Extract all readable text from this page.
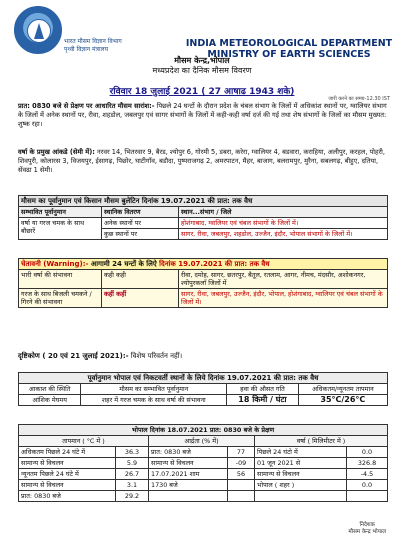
भारत मौसम विज्ञान विभाग
पृथ्वी विज्ञान मंत्रालय
INDIA METEOROLOGICAL DEPARTMENT
MINISTRY OF EARTH SCIENCES
मौसम केन्द्र,भोपाल
मध्यप्रदेश का दैनिक मौसम विवरण
रविवार 18 जुलाई 2021 ( 27 आषाढ 1943 शके)
जारी करने का समय-12.30 IST
प्रात: 0830 बजे से प्रेक्षण पर आधारित मौसम सारांश:- पिछले 24 घन्टों के दौरान प्रदेश के चंबल संभाग के जिलों में अधिकांश स्थानों पर, ग्वालियर संभाग के जिलों में अनेक स्थानों पर, रीवा, शहडोल, जबलपुर एवं सागर संभागों के जिलों में कही-कही वर्षा दर्ज की गई तथा शेष संभागों के जिलों का मौसम मुख्यत: शुष्क रहा।
वर्षा के प्रमुख आंकडे (सेमी में): नरवर 14, भितरवार 9, बैरड, श्योपुर 6, गोरमी 5, डबरा, करेरा, ग्वालियर 4, बडवारा, कराहिया, अलीपुर, करहल, पोहरी, शिवपुरी, कोलारस 3, विजयपुर, ईसागढ़, पिछोर, घाटीगाँव, बडौदा, पुष्पराजगढ़ 2, अमरपाटन, मैहर, बाजाग, बलरामपुर, मुरैना, सबलगढ़, बीहुए, दतिया, सेंवढा 1 सेमी।
मौसम का पूर्वानुमान एवं किसान मौसम बुलेटिन दिनांक 19.07.2021 की प्रात: तक वैध		
सम्भावित पूर्वानुमान	स्थानिक वितरण	स्थान...संभाग / जिले
वर्षा या गरज चमक के साथ बौछारें	अनेक स्थानों पर	होशंगाबाद, ग्वालियर एवं चंबल संभागों के जिलों में।
	कुछ स्थानों पर	सागर, रीवा, जबलपुर, शहडोल, उज्जैन, इंदौर, भोपाल संभागों के जिलों में।
चेतावनी (Warning):- आगामी 24 घन्टों के लिऐ दिनांक 19.07.2021 की प्रात: तक वैध		
भारी वर्षा की संभावना	कही कही	रीवा, दमोह, सागर, छतरपुर, बैतूल, रतलाम, आगर, नीमच, मंदसौर, अशोकनगर, श्योपुरकलाँ जिलों में
गरज के साथ बिजली चमकने / गिरने की संभावना	कहीं कहीं	सागर, रीवा, जबलपुर, उज्जैन, इंदौर, भोपाल, होशंगाबाद, ग्वालियर एवं चंबल संभागों के जिलों में।
दृष्टिकोण ( 20 एवं 21 जुलाई 2021):- विशेष परिवर्तन नहीं।
पूर्वानुमान भोपाल एवं निकटवर्ती स्थानों के लिये दिनांक 19.07.2021 की प्रात: तक वैध			
आकाश की स्थिति	मौसम का सम्भावित पूर्वानुमान	हवा की औसत गति	अधिकतम/न्यूनतम तापमान
आंशिक मेघमय	शहर में गरज चमक के साथ वर्षा की संभावना	18 किमी / घंटा	35°C/26°C
भोपाल दिनांक 18.07.2021 प्रात: 0830 बजे के प्रेक्षण					
तापमान ( °C में )		आर्द्रता (% में)		वर्षा ( मिलिमीटर में )	
अधिकतम पिछले 24 घंटे में	36.3	प्रात: 0830 बजे	77	पिछले 24 घंटो में	0.0
सामान्य से विचलन	5.9	सामान्य से विचलन	-09	01 जून 2021 से	326.8
न्यूनतम पिछले 24 घंटे में	26.7	17.07.2021 शाम	56	सामान्य से विचलन	-4.5
सामान्य से विचलन	3.1	1730 बजे		भोपाल ( शहर )	0.0
प्रात: 0830 बजे	29.2				
निदेशक
मौसम केन्द्र भोपाल
